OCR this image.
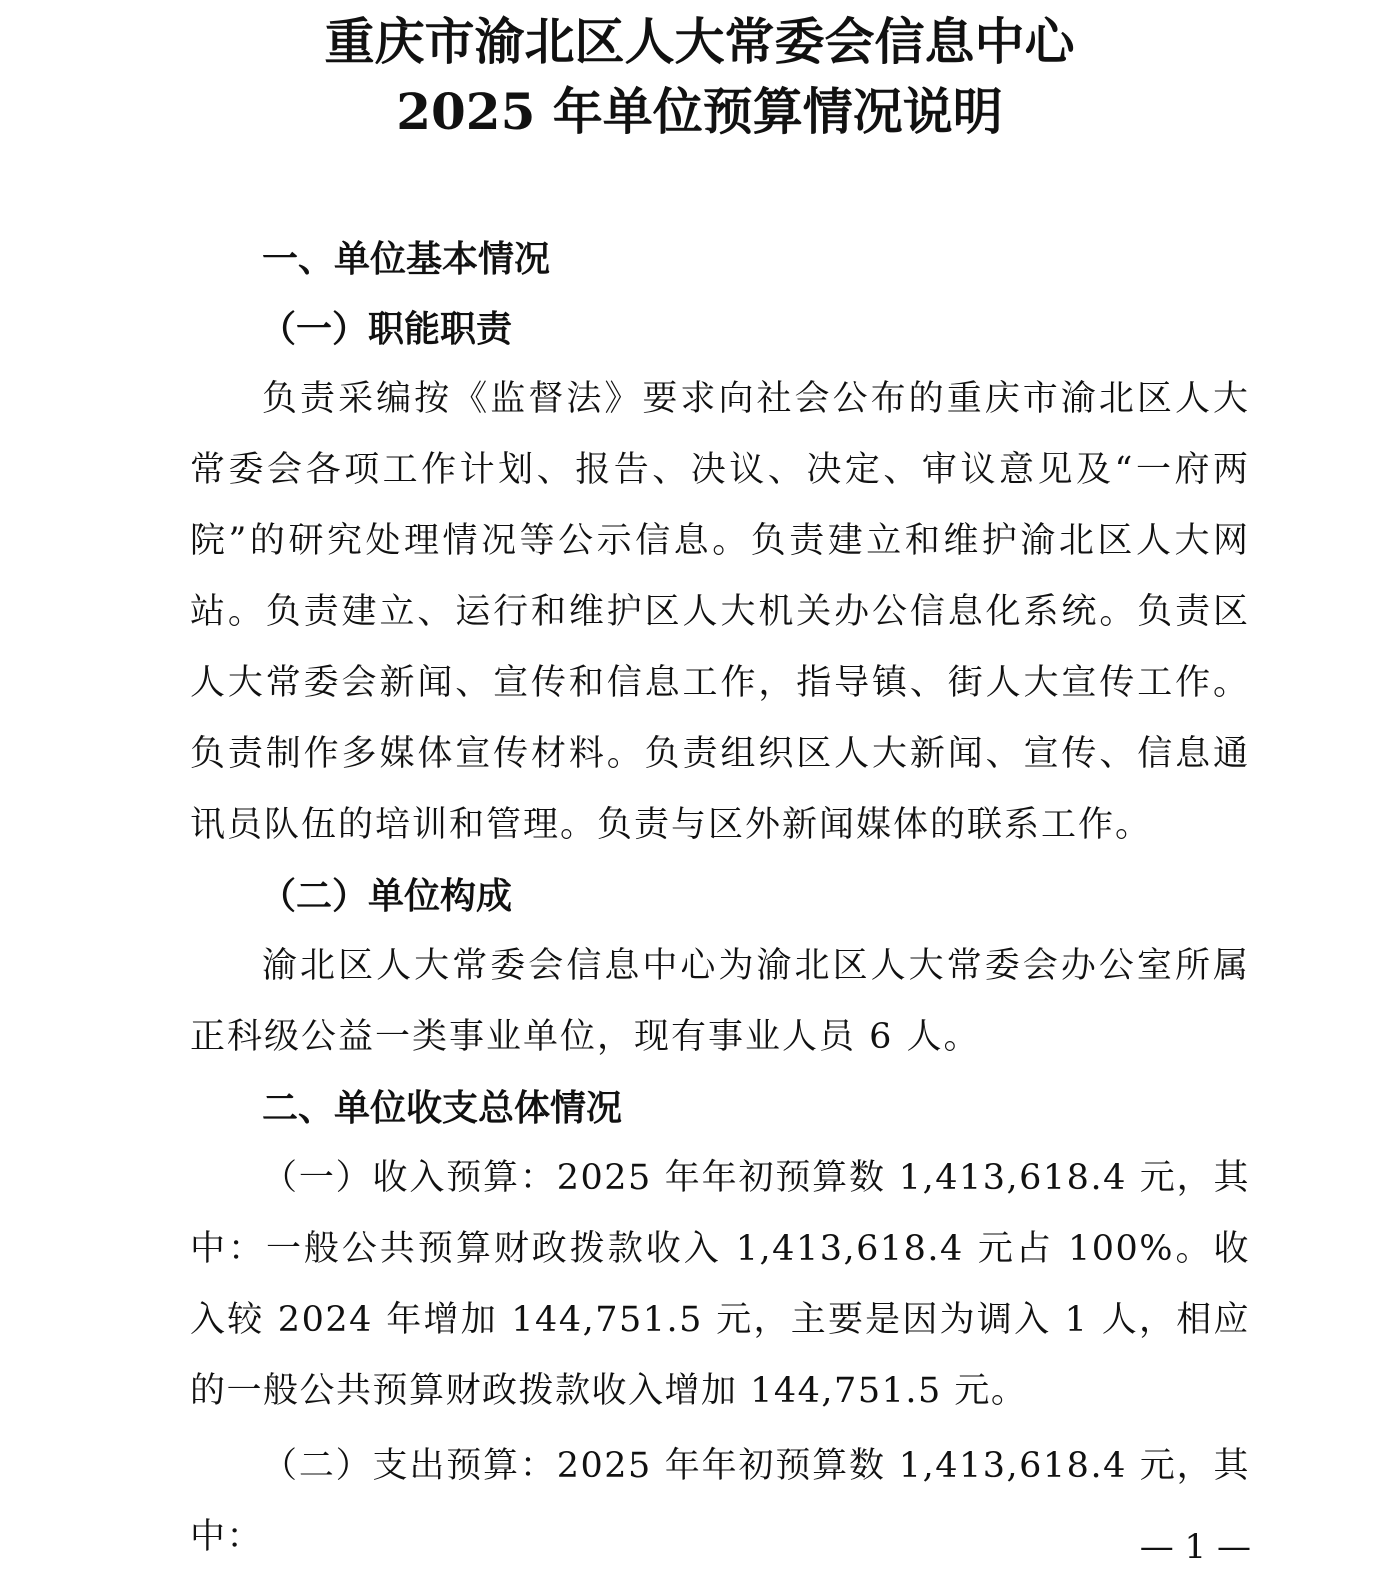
重庆市渝北区人大常委会信息中心
2025 年单位预算情况说明
一、单位基本情况
（一）职能职责

负责采编按《监督法》要求向社会公布的重庆市渝北区人大常委会各项工作计划、报告、决议、决定、审议意见及“一府两院”的研究处理情况等公示信息。负责建立和维护渝北区人大网站。负责建立、运行和维护区人大机关办公信息化系统。负责区人大常委会新闻、宣传和信息工作，指导镇、街人大宣传工作。负责制作多媒体宣传材料。负责组织区人大新闻、宣传、信息通讯员队伍的培训和管理。负责与区外新闻媒体的联系工作。

（二）单位构成

渝北区人大常委会信息中心为渝北区人大常委会办公室所属正科级公益一类事业单位，现有事业人员 6 人。

二、单位收支总体情况

（一）收入预算：2025 年年初预算数 1,413,618.4 元，其中：一般公共预算财政拨款收入 1,413,618.4 元占 100%。收入较 2024 年增加 144,751.5 元，主要是因为调入 1 人，相应的一般公共预算财政拨款收入增加 144,751.5 元。

（二）支出预算：2025 年年初预算数 1,413,618.4 元，其中：	— 1 —
